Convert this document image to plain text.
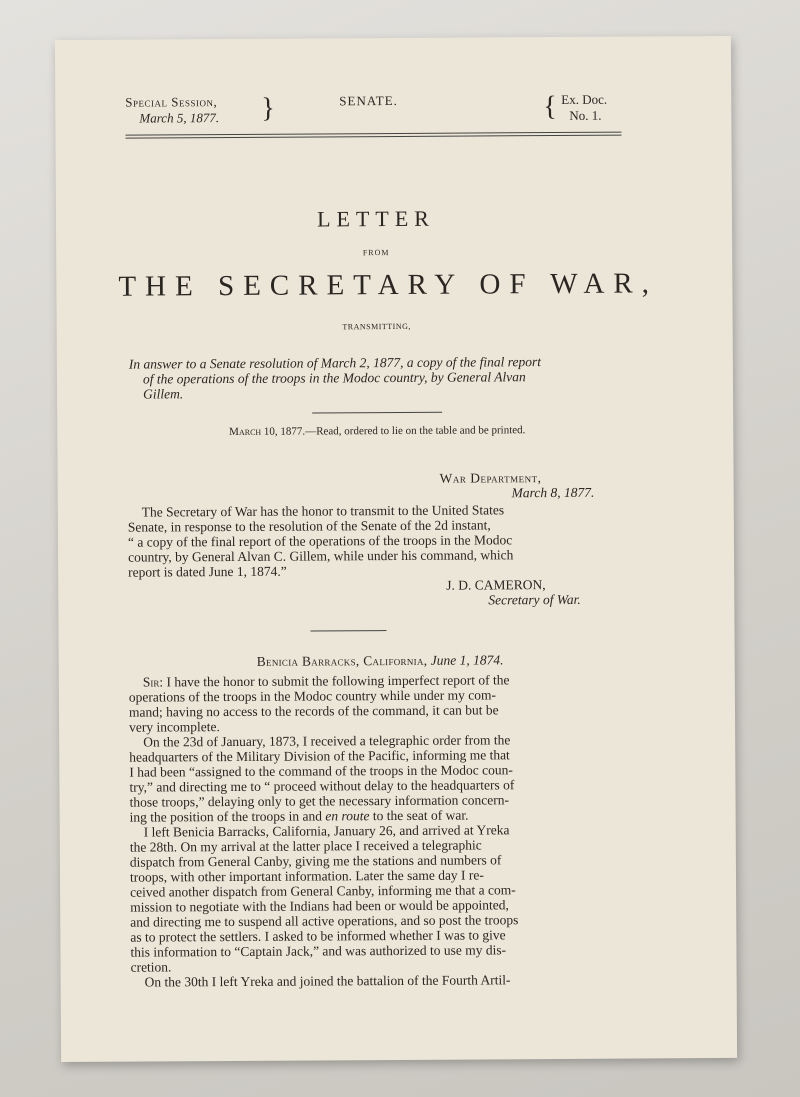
Special Session,
March 5, 1877. }	SENATE.	{ Ex. Doc.
No. 1.
LETTER
FROM
THE SECRETARY OF WAR,
TRANSMITTING,
In answer to a Senate resolution of March 2, 1877, a copy of the final report
of the operations of the troops in the Modoc country, by General Alvan
Gillem.
March 10, 1877.—Read, ordered to lie on the table and be printed.
War Department,
March 8, 1877.
The Secretary of War has the honor to transmit to the United States
Senate, in response to the resolution of the Senate of the 2d instant,
“ a copy of the final report of the operations of the troops in the Modoc
country, by General Alvan C. Gillem, while under his command, which
report is dated June 1, 1874.”
J. D. CAMERON,
Secretary of War.
Benicia Barracks, California, June 1, 1874.
Sir: I have the honor to submit the following imperfect report of the
operations of the troops in the Modoc country while under my com-
mand; having no access to the records of the command, it can but be
very incomplete.
On the 23d of January, 1873, I received a telegraphic order from the
headquarters of the Military Division of the Pacific, informing me that
I had been “assigned to the command of the troops in the Modoc coun-
try,” and directing me to “ proceed without delay to the headquarters of
those troops,” delaying only to get the necessary information concern-
ing the position of the troops in and en route to the seat of war.
I left Benicia Barracks, California, January 26, and arrived at Yreka
the 28th. On my arrival at the latter place I received a telegraphic
dispatch from General Canby, giving me the stations and numbers of
troops, with other important information. Later the same day I re-
ceived another dispatch from General Canby, informing me that a com-
mission to negotiate with the Indians had been or would be appointed,
and directing me to suspend all active operations, and so post the troops
as to protect the settlers. I asked to be informed whether I was to give
this information to “Captain Jack,” and was authorized to use my dis-
cretion.
On the 30th I left Yreka and joined the battalion of the Fourth Artil-
